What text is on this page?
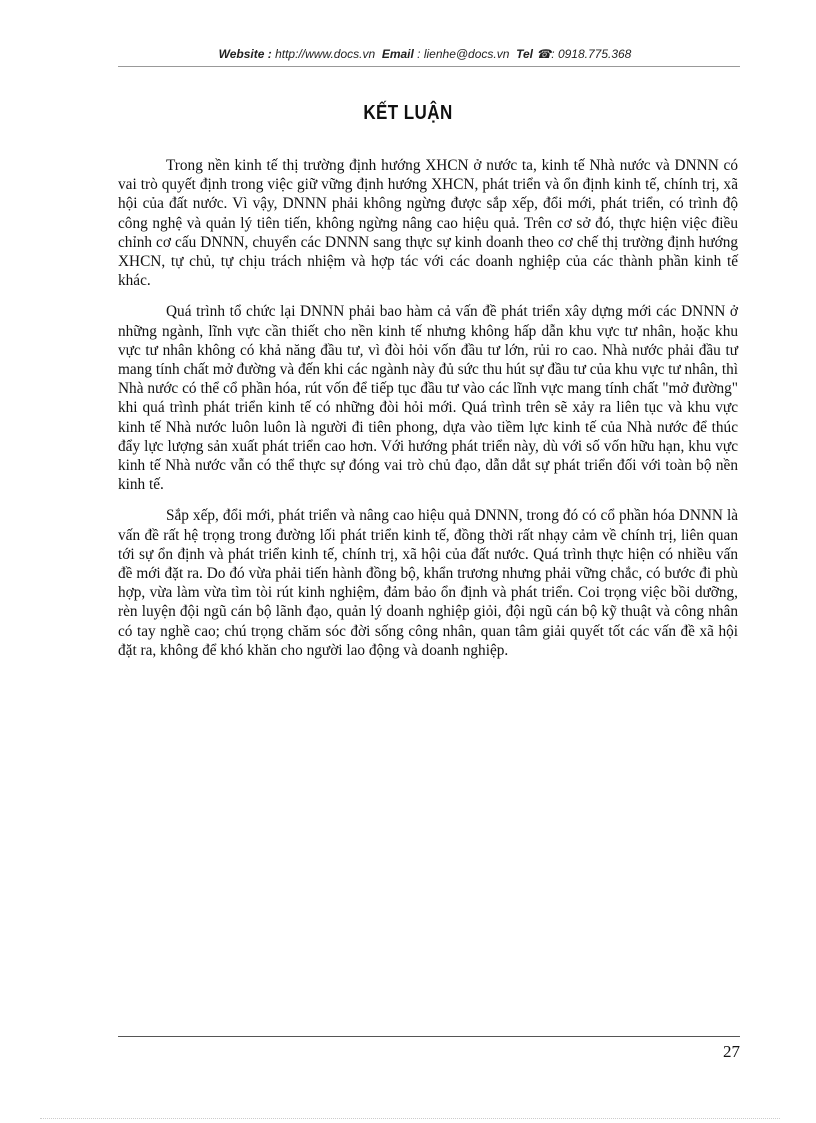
Website : http://www.docs.vn Email : lienhe@docs.vn Tel ☎: 0918.775.368
KẾT LUẬN

Trong nền kinh tế thị trường định hướng XHCN ở nước ta, kinh tế Nhà nước và DNNN có vai trò quyết định trong việc giữ vững định hướng XHCN, phát triển và ổn định kinh tế, chính trị, xã hội của đất nước. Vì vậy, DNNN phải không ngừng được sắp xếp, đổi mới, phát triển, có trình độ công nghệ và quản lý tiên tiến, không ngừng nâng cao hiệu quả. Trên cơ sở đó, thực hiện việc điều chỉnh cơ cấu DNNN, chuyển các DNNN sang thực sự kinh doanh theo cơ chế thị trường định hướng XHCN, tự chủ, tự chịu trách nhiệm và hợp tác với các doanh nghiệp của các thành phần kinh tế khác.

Quá trình tổ chức lại DNNN phải bao hàm cả vấn đề phát triển xây dựng mới các DNNN ở những ngành, lĩnh vực cần thiết cho nền kinh tế nhưng không hấp dẫn khu vực tư nhân, hoặc khu vực tư nhân không có khả năng đầu tư, vì đòi hỏi vốn đầu tư lớn, rủi ro cao. Nhà nước phải đầu tư mang tính chất mở đường và đến khi các ngành này đủ sức thu hút sự đầu tư của khu vực tư nhân, thì Nhà nước có thể cổ phần hóa, rút vốn để tiếp tục đầu tư vào các lĩnh vực mang tính chất "mở đường" khi quá trình phát triển kinh tế có những đòi hỏi mới. Quá trình trên sẽ xảy ra liên tục và khu vực kinh tế Nhà nước luôn luôn là người đi tiên phong, dựa vào tiềm lực kinh tế của Nhà nước để thúc đẩy lực lượng sản xuất phát triển cao hơn. Với hướng phát triển này, dù với số vốn hữu hạn, khu vực kinh tế Nhà nước vẫn có thể thực sự đóng vai trò chủ đạo, dẫn dắt sự phát triển đối với toàn bộ nền kinh tế.

Sắp xếp, đổi mới, phát triển và nâng cao hiệu quả DNNN, trong đó có cổ phần hóa DNNN là vấn đề rất hệ trọng trong đường lối phát triển kinh tế, đồng thời rất nhạy cảm về chính trị, liên quan tới sự ổn định và phát triển kinh tế, chính trị, xã hội của đất nước. Quá trình thực hiện có nhiều vấn đề mới đặt ra. Do đó vừa phải tiến hành đồng bộ, khẩn trương nhưng phải vững chắc, có bước đi phù hợp, vừa làm vừa tìm tòi rút kinh nghiệm, đảm bảo ổn định và phát triển. Coi trọng việc bồi dưỡng, rèn luyện đội ngũ cán bộ lãnh đạo, quản lý doanh nghiệp giỏi, đội ngũ cán bộ kỹ thuật và công nhân có tay nghề cao; chú trọng chăm sóc đời sống công nhân, quan tâm giải quyết tốt các vấn đề xã hội đặt ra, không để khó khăn cho người lao động và doanh nghiệp.

27
